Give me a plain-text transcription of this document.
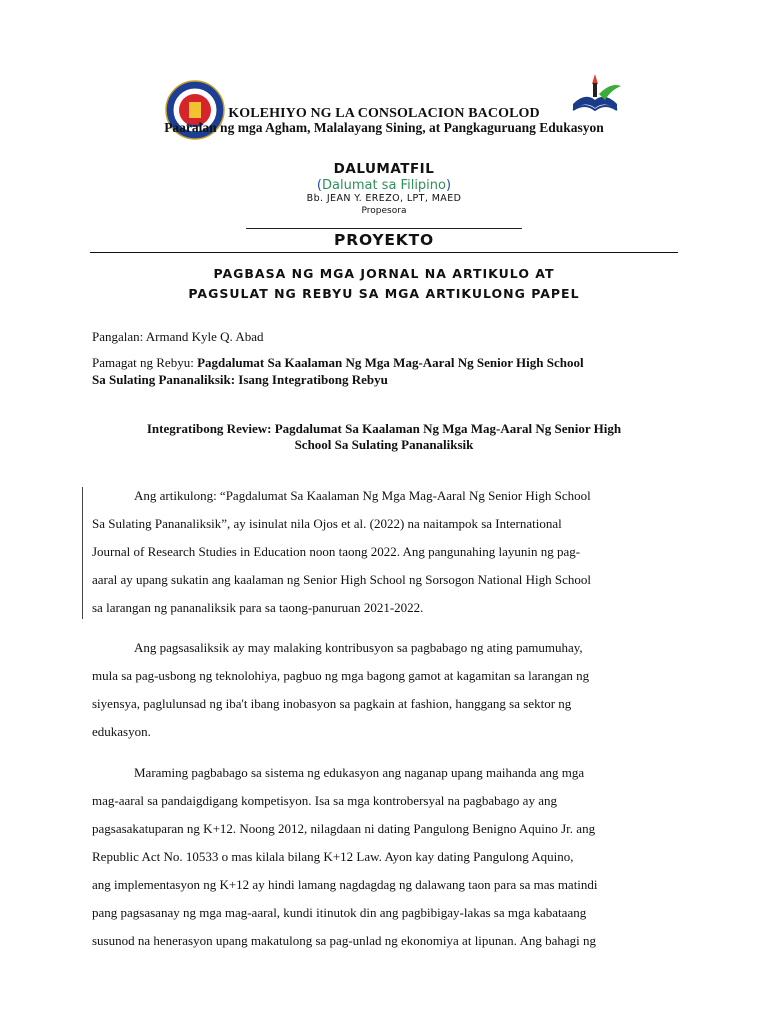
KOLEHIYO NG LA CONSOLACION BACOLOD
Paaralan ng mga Agham, Malalayang Sining, at Pangkaguruang Edukasyon
DALUMATFIL
(Dalumat sa Filipino)
Bb. JEAN Y. EREZO, LPT, MAED
Propesora
PROYEKTO
PAGBASA NG MGA JORNAL NA ARTIKULO AT
PAGSULAT NG REBYU SA MGA ARTIKULONG PAPEL
Pangalan: Armand Kyle Q. Abad
Pamagat ng Rebyu: Pagdalumat Sa Kaalaman Ng Mga Mag-Aaral Ng Senior High School
Sa Sulating Pananaliksik: Isang Integratibong Rebyu
Integratibong Review: Pagdalumat Sa Kaalaman Ng Mga Mag-Aaral Ng Senior High
School Sa Sulating Pananaliksik
Ang artikulong: “Pagdalumat Sa Kaalaman Ng Mga Mag-Aaral Ng Senior High School
Sa Sulating Pananaliksik”, ay isinulat nila Ojos et al. (2022) na naitampok sa International
Journal of Research Studies in Education noon taong 2022. Ang pangunahing layunin ng pag-
aaral ay upang sukatin ang kaalaman ng Senior High School ng Sorsogon National High School
sa larangan ng pananaliksik para sa taong-panuruan 2021-2022.
Ang pagsasaliksik ay may malaking kontribusyon sa pagbabago ng ating pamumuhay,
mula sa pag-usbong ng teknolohiya, pagbuo ng mga bagong gamot at kagamitan sa larangan ng
siyensya, paglulunsad ng iba't ibang inobasyon sa pagkain at fashion, hanggang sa sektor ng
edukasyon.
Maraming pagbabago sa sistema ng edukasyon ang naganap upang maihanda ang mga
mag-aaral sa pandaigdigang kompetisyon. Isa sa mga kontrobersyal na pagbabago ay ang
pagsasakatuparan ng K+12. Noong 2012, nilagdaan ni dating Pangulong Benigno Aquino Jr. ang
Republic Act No. 10533 o mas kilala bilang K+12 Law. Ayon kay dating Pangulong Aquino,
ang implementasyon ng K+12 ay hindi lamang nagdagdag ng dalawang taon para sa mas matindi
pang pagsasanay ng mga mag-aaral, kundi itinutok din ang pagbibigay-lakas sa mga kabataang
susunod na henerasyon upang makatulong sa pag-unlad ng ekonomiya at lipunan. Ang bahagi ng
